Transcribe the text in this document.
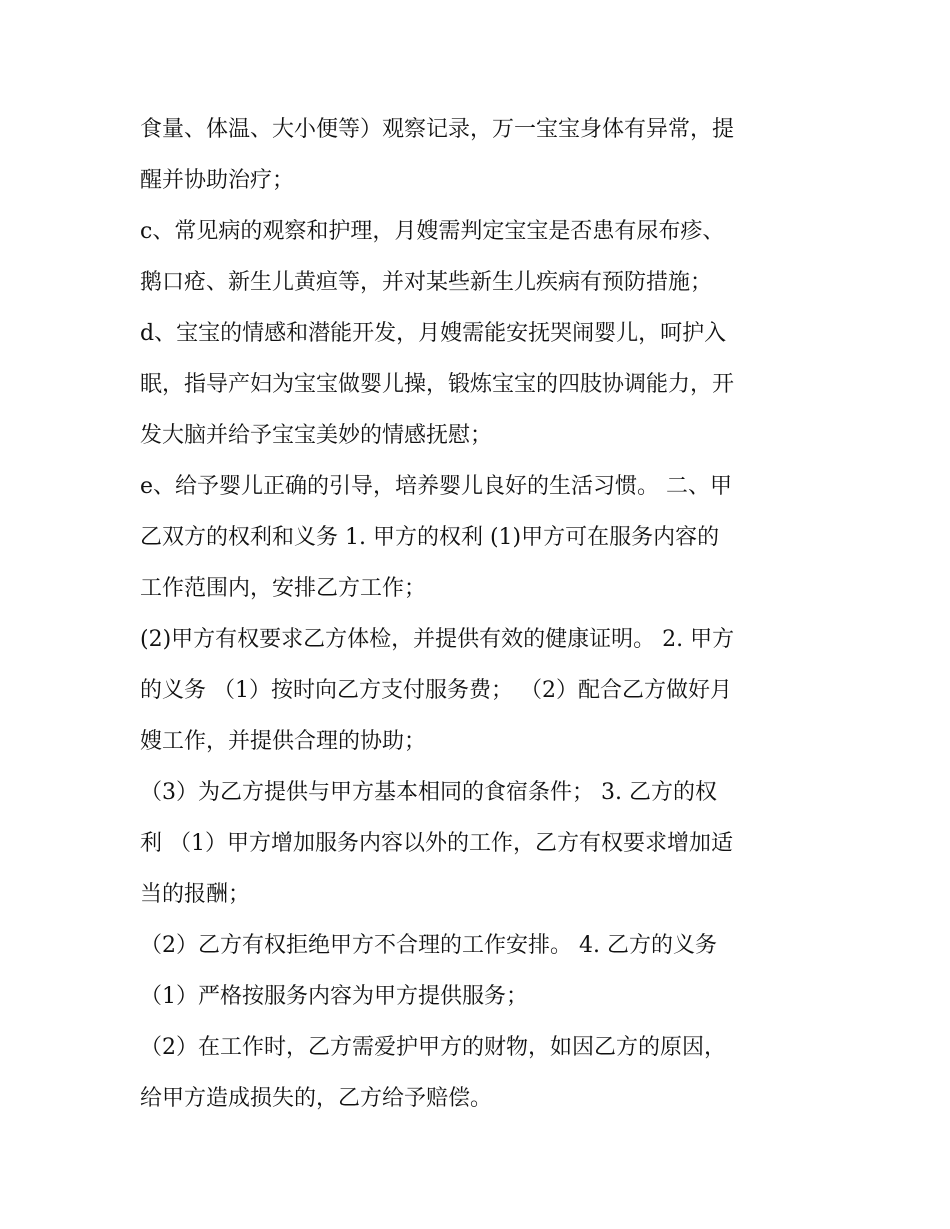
食量、体温、大小便等）观察记录，万一宝宝身体有异常，提
醒并协助治疗；
c、常见病的观察和护理，月嫂需判定宝宝是否患有尿布疹、
鹅口疮、新生儿黄疸等，并对某些新生儿疾病有预防措施；
d、宝宝的情感和潜能开发，月嫂需能安抚哭闹婴儿，呵护入
眠，指导产妇为宝宝做婴儿操，锻炼宝宝的四肢协调能力，开
发大脑并给予宝宝美妙的情感抚慰；
e、给予婴儿正确的引导，培养婴儿良好的生活习惯。 二、甲
乙双方的权利和义务 1. 甲方的权利 (1)甲方可在服务内容的
工作范围内，安排乙方工作；
(2)甲方有权要求乙方体检，并提供有效的健康证明。 2. 甲方
的义务 （1）按时向乙方支付服务费； （2）配合乙方做好月
嫂工作，并提供合理的协助；
（3）为乙方提供与甲方基本相同的食宿条件； 3. 乙方的权
利 （1）甲方增加服务内容以外的工作，乙方有权要求增加适
当的报酬；
（2）乙方有权拒绝甲方不合理的工作安排。 4. 乙方的义务
（1）严格按服务内容为甲方提供服务；
（2）在工作时，乙方需爱护甲方的财物，如因乙方的原因，
给甲方造成损失的，乙方给予赔偿。
